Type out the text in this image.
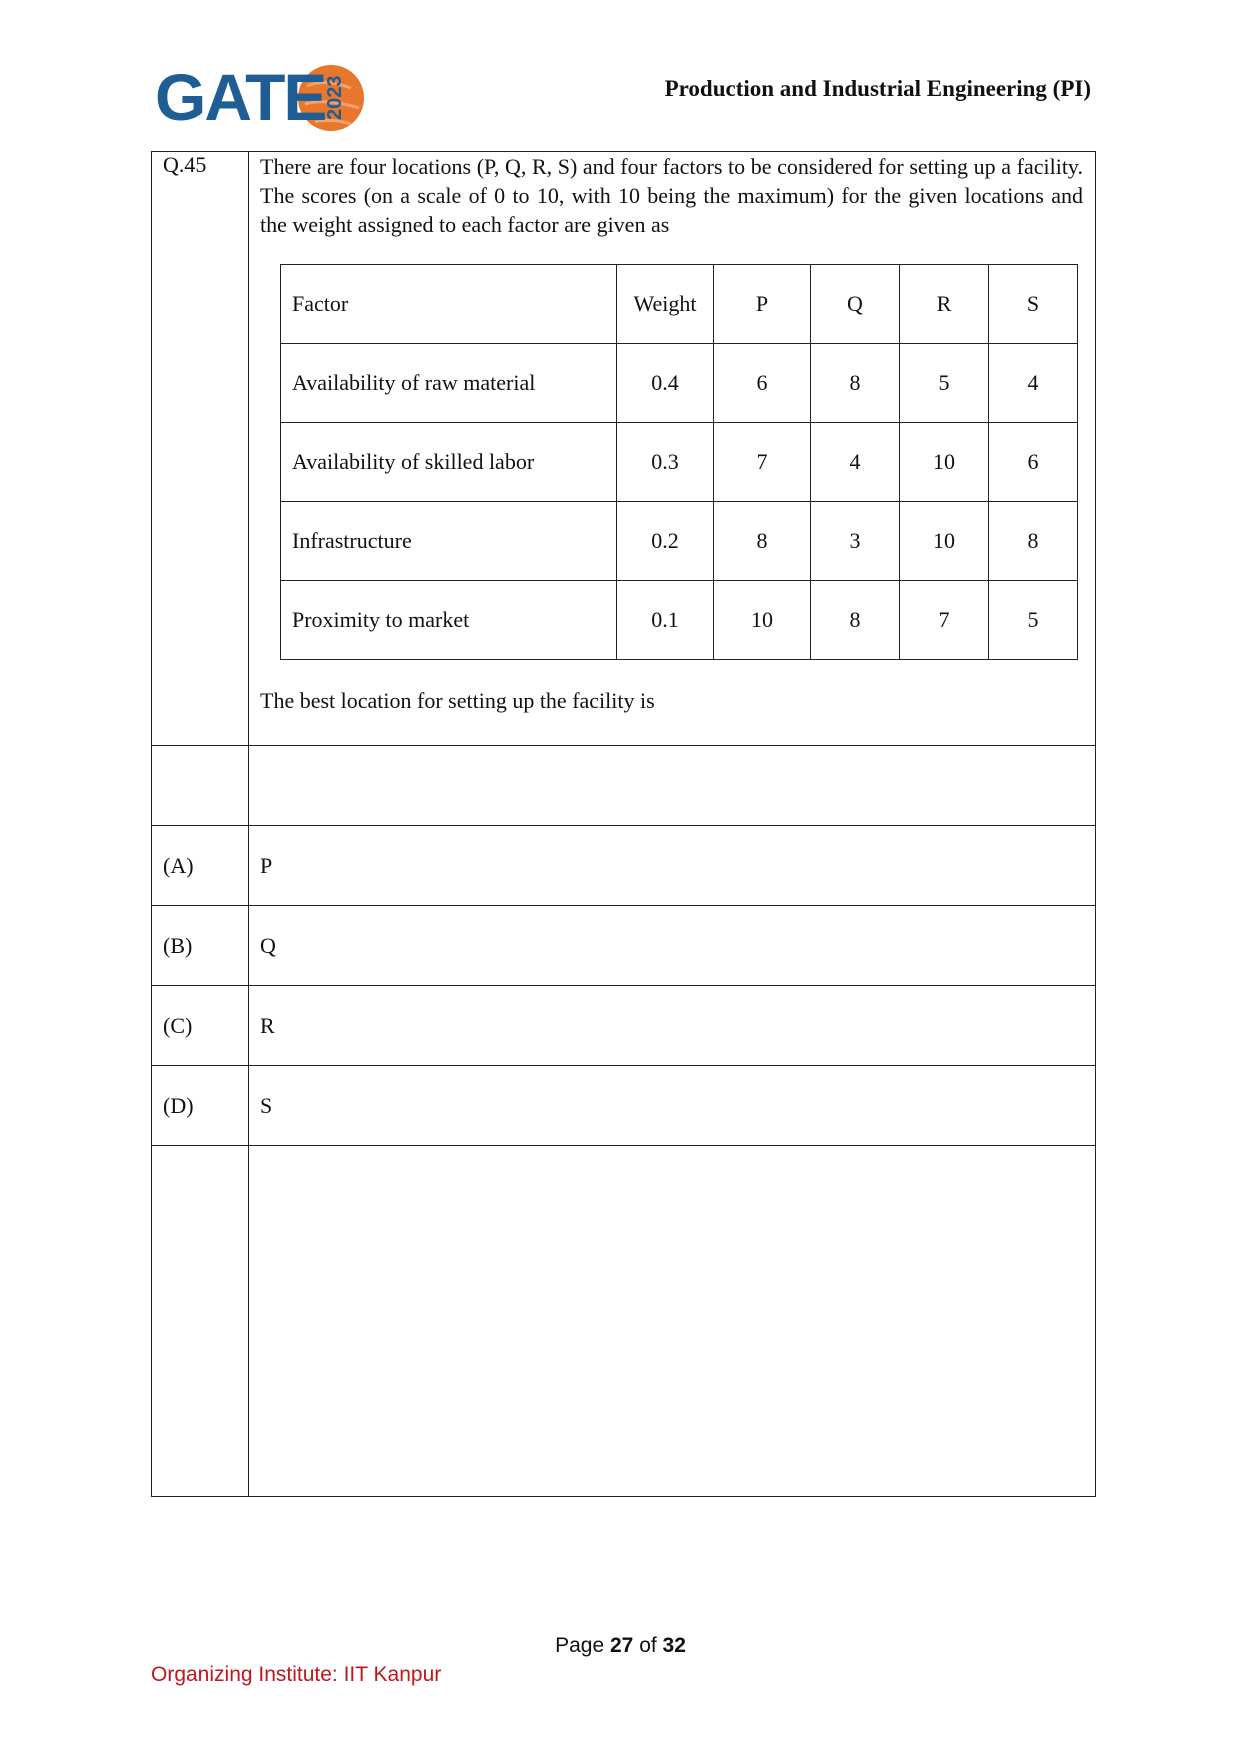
GATE
2023	Production and Industrial Engineering (PI)
Q.45	There are four locations (P, Q, R, S) and four factors to be considered for setting up a facility. The scores (on a scale of 0 to 10, with 10 being the maximum) for the given locations and the weight assigned to each factor are given as
Factor	Weight	P	Q	R	S
Availability of raw material	0.4	6	8	5	4
Availability of skilled labor	0.3	7	4	10	6
Infrastructure	0.2	8	3	10	8
Proximity to market	0.1	10	8	7	5
The best location for setting up the facility is

(A)	P
(B)	Q
(C)	R
(D)	S

Page 27 of 32
Organizing Institute: IIT Kanpur
